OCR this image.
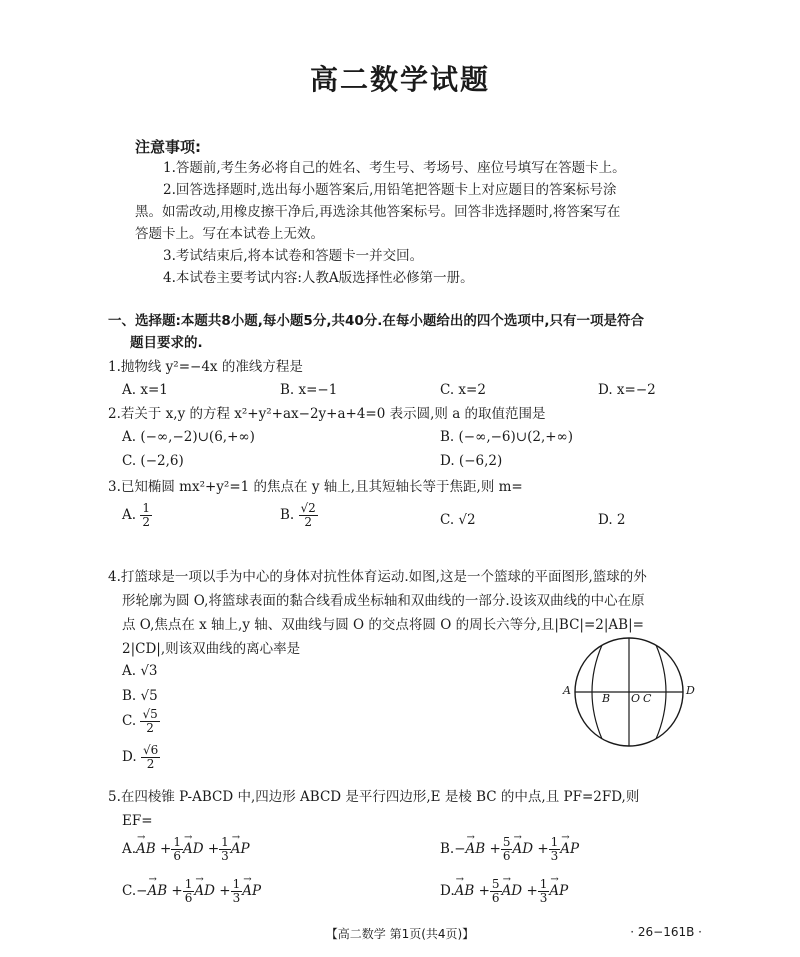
高二数学试题
注意事项:
1.答题前,考生务必将自己的姓名、考生号、考场号、座位号填写在答题卡上。
2.回答选择题时,选出每小题答案后,用铅笔把答题卡上对应题目的答案标号涂
黑。如需改动,用橡皮擦干净后,再选涂其他答案标号。回答非选择题时,将答案写在
答题卡上。写在本试卷上无效。
3.考试结束后,将本试卷和答题卡一并交回。
4.本试卷主要考试内容:人教A版选择性必修第一册。
一、选择题:本题共8小题,每小题5分,共40分.在每小题给出的四个选项中,只有一项是符合
题目要求的.
1.抛物线 y²=−4x 的准线方程是
A. x=1	B. x=−1	C. x=2	D. x=−2
2.若关于 x,y 的方程 x²+y²+ax−2y+a+4=0 表示圆,则 a 的取值范围是
A. (−∞,−2)∪(6,+∞)	B. (−∞,−6)∪(2,+∞)
C. (−2,6)	D. (−6,2)
3.已知椭圆 mx²+y²=1 的焦点在 y 轴上,且其短轴长等于焦距,则 m=
A. $\frac{1}{2}$	B. $\frac{√2}{2}$	C. √2	D. 2
4.打篮球是一项以手为中心的身体对抗性体育运动.如图,这是一个篮球的平面图形,篮球的外
形轮廓为圆 O,将篮球表面的黏合线看成坐标轴和双曲线的一部分.设该双曲线的中心在原
点 O,焦点在 x 轴上,y 轴、双曲线与圆 O 的交点将圆 O 的周长六等分,且|BC|=2|AB|=
2|CD|,则该双曲线的离心率是
A. √3
B. √5
C. $\frac{√5}{2}$
D. $\frac{√6}{2}$
A
B O C
D
5.在四棱锥 P-ABCD 中,四边形 ABCD 是平行四边形,E 是棱 BC 的中点,且 PF=2FD,则
EF=
A.→ AB + $\frac{1}{6}$ → AD + $\frac{1}{3}$ → AP	B.−→ AB + $\frac{5}{6}$ → AD + $\frac{1}{3}$ → AP
C.−→ AB + $\frac{1}{6}$ → AD + $\frac{1}{3}$ → AP	D.→ AB + $\frac{5}{6}$ → AD + $\frac{1}{3}$ → AP
【高二数学 第1页(共4页)】	· 26−161B ·
